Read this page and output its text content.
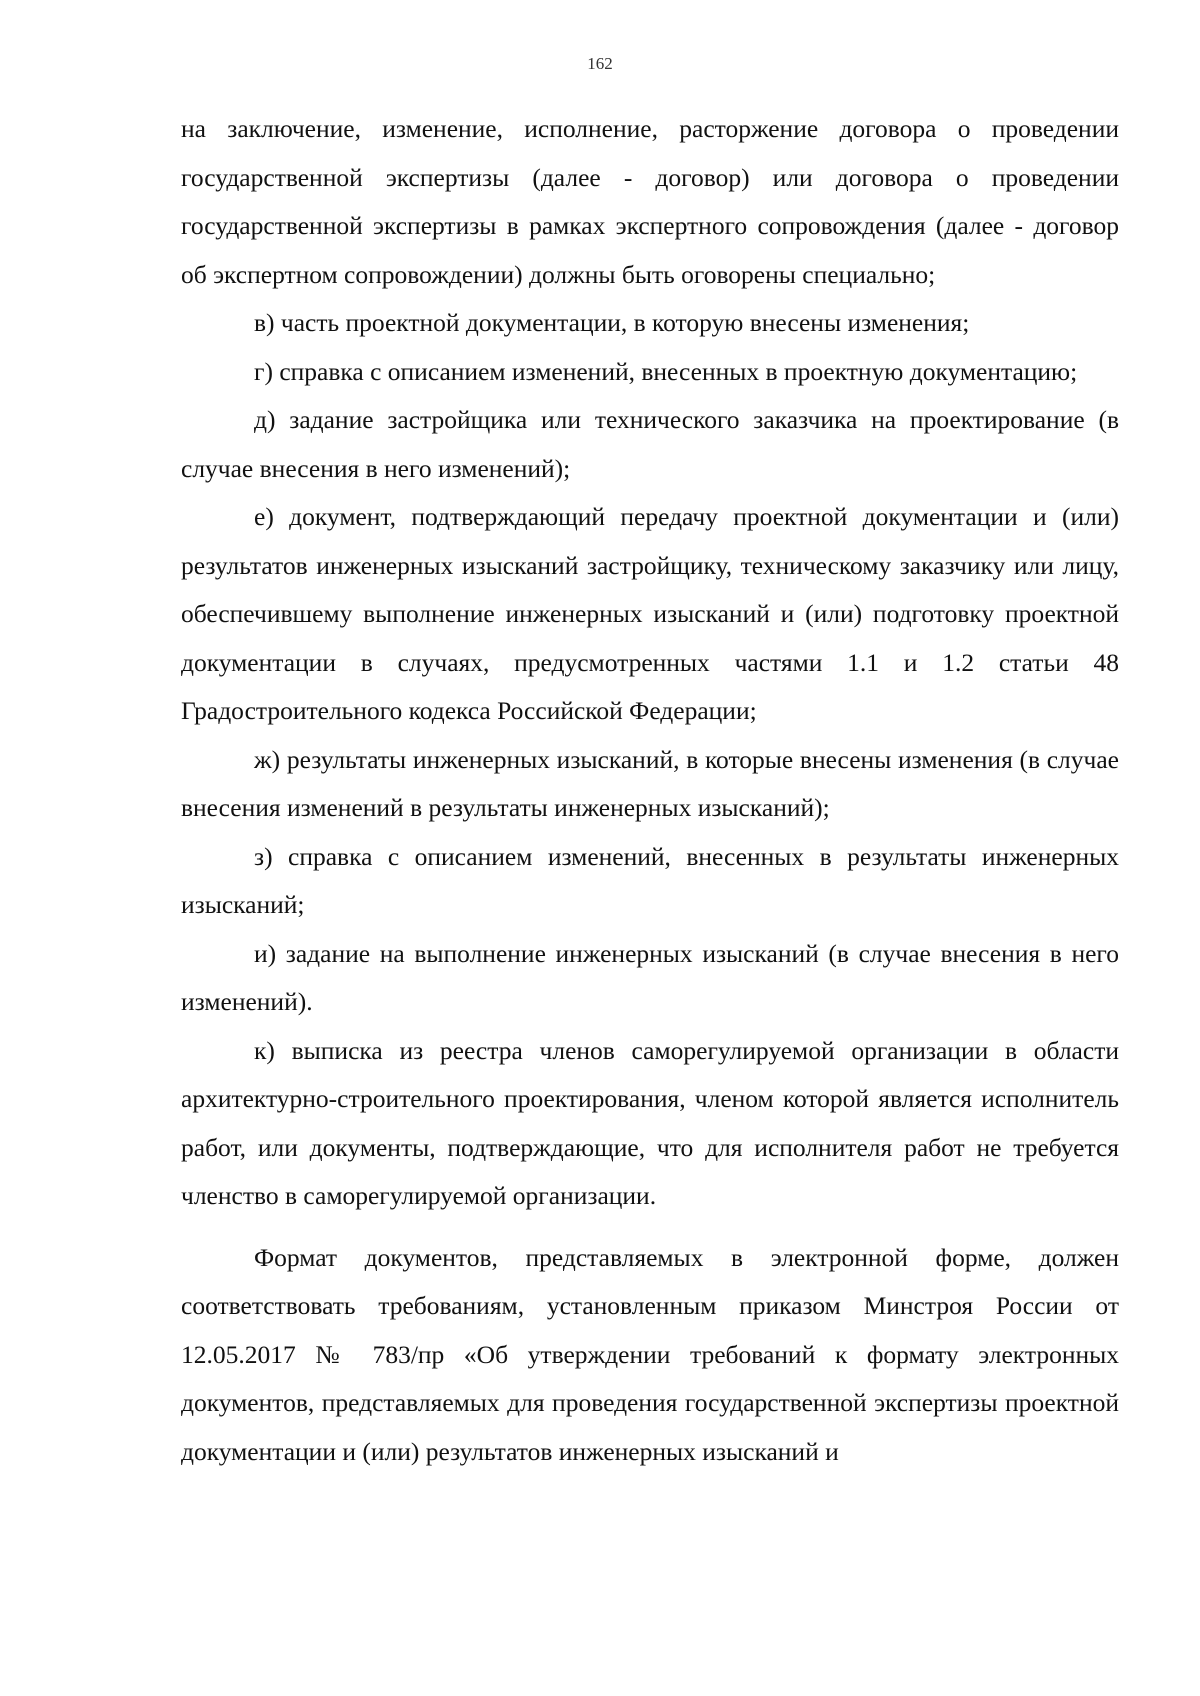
162

на заключение, изменение, исполнение, расторжение договора о проведении государственной экспертизы (далее - договор) или договора о проведении государственной экспертизы в рамках экспертного сопровождения (далее - договор об экспертном сопровождении) должны быть оговорены специально;

в) часть проектной документации, в которую внесены изменения;

г) справка с описанием изменений, внесенных в проектную документацию;

д) задание застройщика или технического заказчика на проектирование (в случае внесения в него изменений);

е) документ, подтверждающий передачу проектной документации и (или) результатов инженерных изысканий застройщику, техническому заказчику или лицу, обеспечившему выполнение инженерных изысканий и (или) подготовку проектной документации в случаях, предусмотренных частями 1.1 и 1.2 статьи 48 Градостроительного кодекса Российской Федерации;

ж) результаты инженерных изысканий, в которые внесены изменения (в случае внесения изменений в результаты инженерных изысканий);

з) справка с описанием изменений, внесенных в результаты инженерных изысканий;

и) задание на выполнение инженерных изысканий (в случае внесения в него изменений).

к) выписка из реестра членов саморегулируемой организации в области архитектурно-строительного проектирования, членом которой является исполнитель работ, или документы, подтверждающие, что для исполнителя работ не требуется членство в саморегулируемой организации.

Формат документов, представляемых в электронной форме, должен соответствовать требованиям, установленным приказом Минстроя России от 12.05.2017 № 783/пр «Об утверждении требований к формату электронных документов, представляемых для проведения государственной экспертизы проектной документации и (или) результатов инженерных изысканий и
